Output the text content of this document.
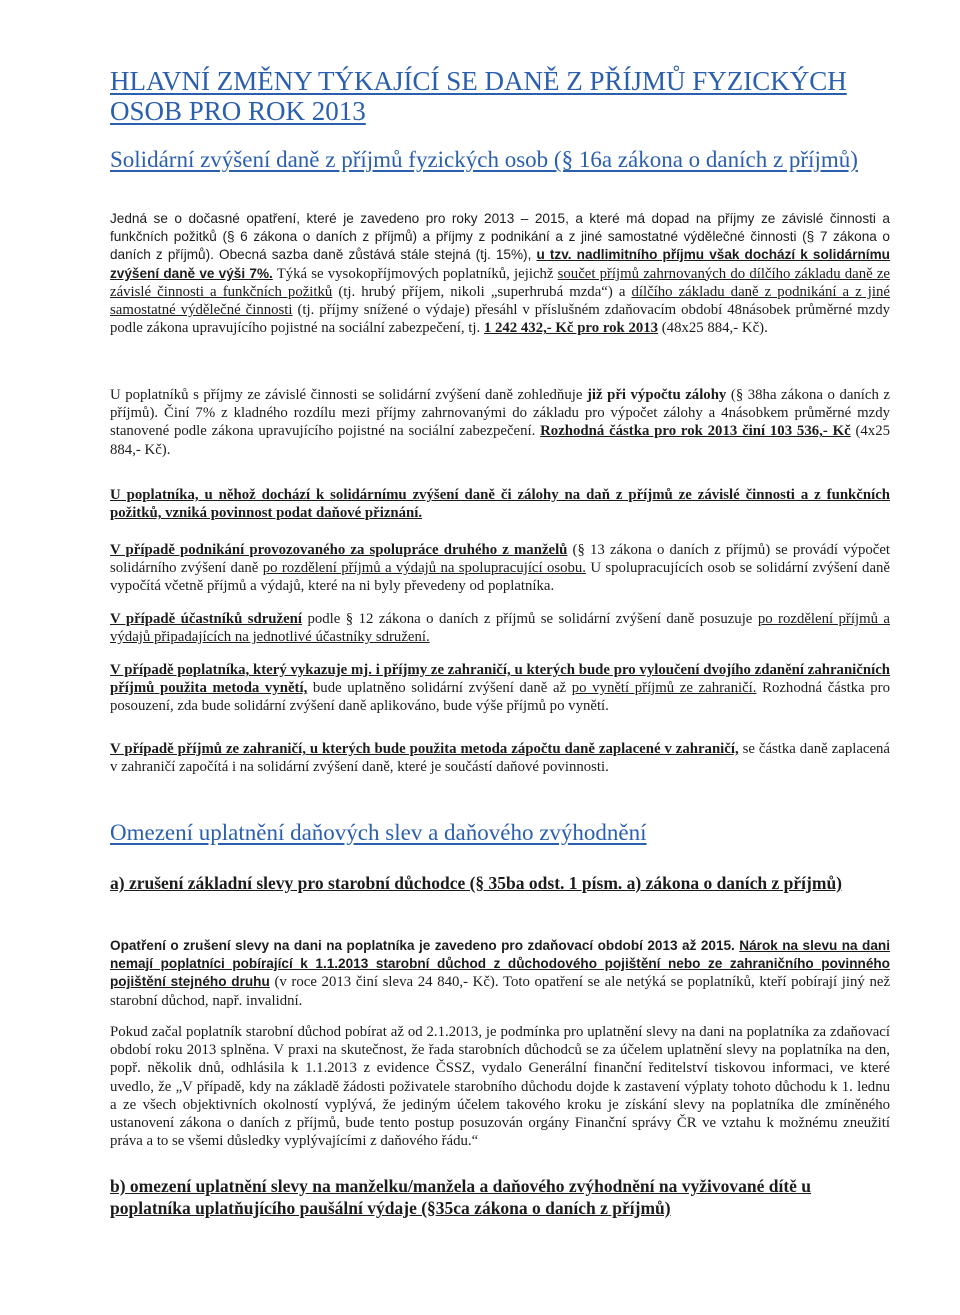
HLAVNÍ ZMĚNY TÝKAJÍCÍ SE DANĚ Z PŘÍJMŮ FYZICKÝCH OSOB PRO ROK 2013
Solidární zvýšení daně z příjmů fyzických osob (§ 16a zákona o daních z příjmů)

Jedná se o dočasné opatření, které je zavedeno pro roky 2013 – 2015, a které má dopad na příjmy ze závislé činnosti a funkčních požitků (§ 6 zákona o daních z příjmů) a příjmy z podnikání a z jiné samostatné výdělečné činnosti (§ 7 zákona o daních z příjmů). Obecná sazba daně zůstává stále stejná (tj. 15%), u tzv. nadlimitního příjmu však dochází k solidárnímu zvýšení daně ve výši 7%. Týká se vysokopříjmových poplatníků, jejichž součet příjmů zahrnovaných do dílčího základu daně ze závislé činnosti a funkčních požitků (tj. hrubý příjem, nikoli „superhrubá mzda“) a dílčího základu daně z podnikání a z jiné samostatné výdělečné činnosti (tj. příjmy snížené o výdaje) přesáhl v příslušném zdaňovacím období 48násobek průměrné mzdy podle zákona upravujícího pojistné na sociální zabezpečení, tj. 1 242 432,- Kč pro rok 2013 (48x25 884,- Kč).

U poplatníků s příjmy ze závislé činnosti se solidární zvýšení daně zohledňuje již při výpočtu zálohy (§ 38ha zákona o daních z příjmů). Činí 7% z kladného rozdílu mezi příjmy zahrnovanými do základu pro výpočet zálohy a 4násobkem průměrné mzdy stanovené podle zákona upravujícího pojistné na sociální zabezpečení. Rozhodná částka pro rok 2013 činí 103 536,- Kč (4x25 884,- Kč).

U poplatníka, u něhož dochází k solidárnímu zvýšení daně či zálohy na daň z příjmů ze závislé činnosti a z funkčních požitků, vzniká povinnost podat daňové přiznání.

V případě podnikání provozovaného za spolupráce druhého z manželů (§ 13 zákona o daních z příjmů) se provádí výpočet solidárního zvýšení daně po rozdělení příjmů a výdajů na spolupracující osobu. U spolupracujících osob se solidární zvýšení daně vypočítá včetně příjmů a výdajů, které na ni byly převedeny od poplatníka.

V případě účastníků sdružení podle § 12 zákona o daních z příjmů se solidární zvýšení daně posuzuje po rozdělení příjmů a výdajů připadajících na jednotlivé účastníky sdružení.

V případě poplatníka, který vykazuje mj. i příjmy ze zahraničí, u kterých bude pro vyloučení dvojího zdanění zahraničních příjmů použita metoda vynětí, bude uplatněno solidární zvýšení daně až po vynětí příjmů ze zahraničí. Rozhodná částka pro posouzení, zda bude solidární zvýšení daně aplikováno, bude výše příjmů po vynětí.

V případě příjmů ze zahraničí, u kterých bude použita metoda zápočtu daně zaplacené v zahraničí, se částka daně zaplacená v zahraničí započítá i na solidární zvýšení daně, které je součástí daňové povinnosti.

Omezení uplatnění daňových slev a daňového zvýhodnění
a) zrušení základní slevy pro starobní důchodce (§ 35ba odst. 1 písm. a) zákona o daních z příjmů)

Opatření o zrušení slevy na dani na poplatníka je zavedeno pro zdaňovací období 2013 až 2015. Nárok na slevu na dani nemají poplatníci pobírající k 1.1.2013 starobní důchod z důchodového pojištění nebo ze zahraničního povinného pojištění stejného druhu (v roce 2013 činí sleva 24 840,- Kč). Toto opatření se ale netýká se poplatníků, kteří pobírají jiný než starobní důchod, např. invalidní.

Pokud začal poplatník starobní důchod pobírat až od 2.1.2013, je podmínka pro uplatnění slevy na dani na poplatníka za zdaňovací období roku 2013 splněna. V praxi na skutečnost, že řada starobních důchodců se za účelem uplatnění slevy na poplatníka na den, popř. několik dnů, odhlásila k 1.1.2013 z evidence ČSSZ, vydalo Generální finanční ředitelství tiskovou informaci, ve které uvedlo, že „V případě, kdy na základě žádosti poživatele starobního důchodu dojde k zastavení výplaty tohoto důchodu k 1. lednu a ze všech objektivních okolností vyplývá, že jediným účelem takového kroku je získání slevy na poplatníka dle zmíněného ustanovení zákona o daních z příjmů, bude tento postup posuzován orgány Finanční správy ČR ve vztahu k možnému zneužití práva a to se všemi důsledky vyplývajícími z daňového řádu.“

b) omezení uplatnění slevy na manželku/manžela a daňového zvýhodnění na vyživované dítě u poplatníka uplatňujícího paušální výdaje (§35ca zákona o daních z příjmů)
